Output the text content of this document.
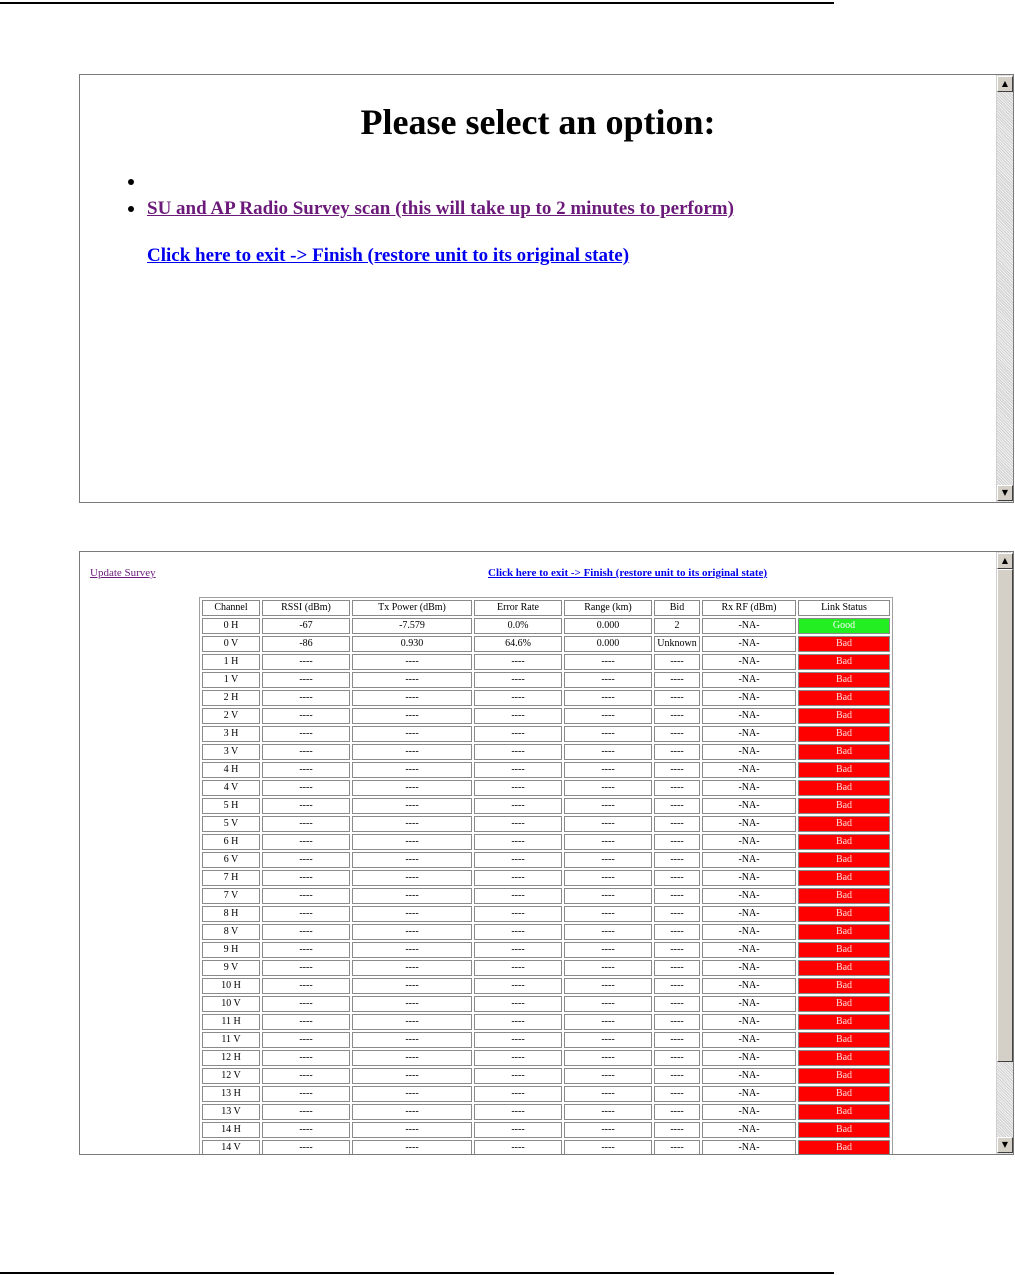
Please select an option:
SU and AP Radio Survey scan (this will take up to 2 minutes to perform)
Click here to exit -> Finish (restore unit to its original state)
▲
▼
Update Survey	Click here to exit -> Finish (restore unit to its original state)
Channel	RSSI (dBm)	Tx Power (dBm)	Error Rate	Range (km)	Bid	Rx RF (dBm)	Link Status
0 H	-67	-7.579	0.0%	0.000	2	-NA-	Good
0 V	-86	0.930	64.6%	0.000	Unknown	-NA-	Bad
1 H	----	----	----	----	----	-NA-	Bad
1 V	----	----	----	----	----	-NA-	Bad
2 H	----	----	----	----	----	-NA-	Bad
2 V	----	----	----	----	----	-NA-	Bad
3 H	----	----	----	----	----	-NA-	Bad
3 V	----	----	----	----	----	-NA-	Bad
4 H	----	----	----	----	----	-NA-	Bad
4 V	----	----	----	----	----	-NA-	Bad
5 H	----	----	----	----	----	-NA-	Bad
5 V	----	----	----	----	----	-NA-	Bad
6 H	----	----	----	----	----	-NA-	Bad
6 V	----	----	----	----	----	-NA-	Bad
7 H	----	----	----	----	----	-NA-	Bad
7 V	----	----	----	----	----	-NA-	Bad
8 H	----	----	----	----	----	-NA-	Bad
8 V	----	----	----	----	----	-NA-	Bad
9 H	----	----	----	----	----	-NA-	Bad
9 V	----	----	----	----	----	-NA-	Bad
10 H	----	----	----	----	----	-NA-	Bad
10 V	----	----	----	----	----	-NA-	Bad
11 H	----	----	----	----	----	-NA-	Bad
11 V	----	----	----	----	----	-NA-	Bad
12 H	----	----	----	----	----	-NA-	Bad
12 V	----	----	----	----	----	-NA-	Bad
13 H	----	----	----	----	----	-NA-	Bad
13 V	----	----	----	----	----	-NA-	Bad
14 H	----	----	----	----	----	-NA-	Bad
14 V	----	----	----	----	----	-NA-	Bad
▲
▼
